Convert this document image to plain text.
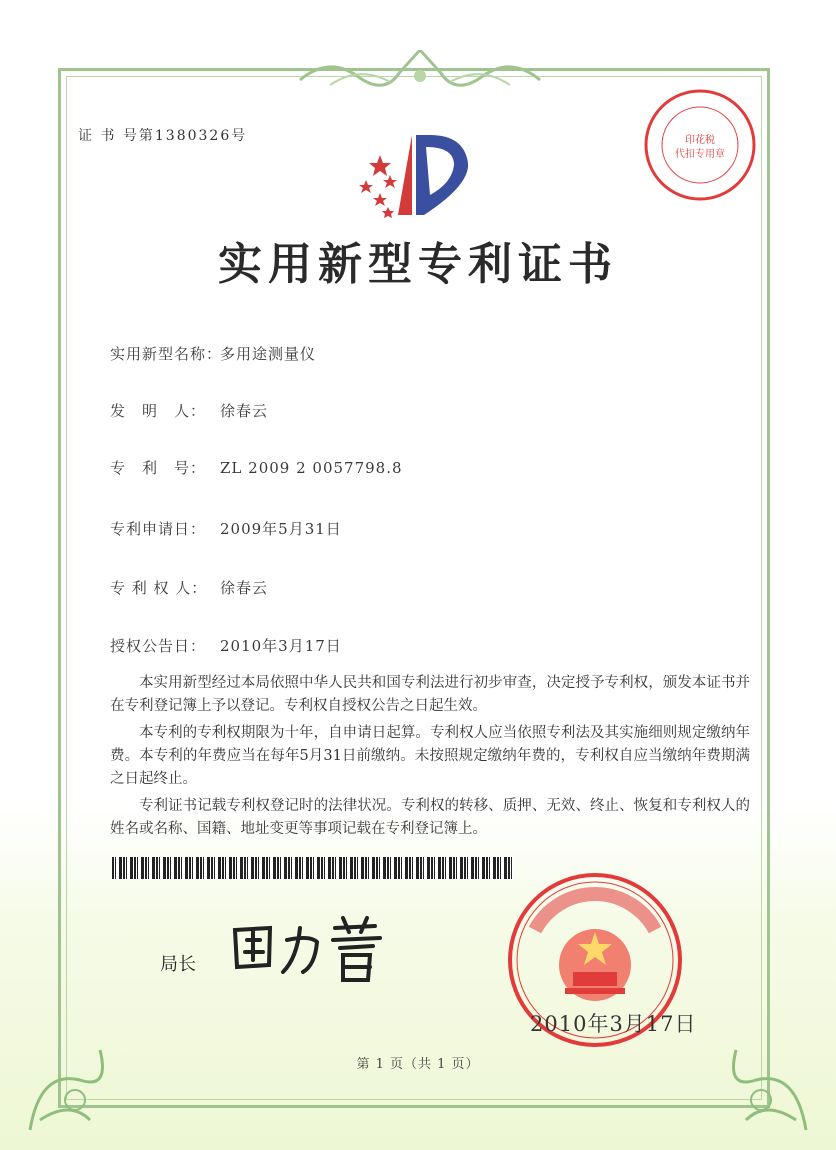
证 书 号第1380326号	印花税
代扣专用章
实用新型专利证书
实用新型名称：多用途测量仪
发　明　人： 徐春云
专　利　号： ZL 2009 2 0057798.8
专利申请日： 2009年5月31日
专 利 权 人： 徐春云
授权公告日： 2010年3月17日

本实用新型经过本局依照中华人民共和国专利法进行初步审查，决定授予专利权，颁发本证书并在专利登记簿上予以登记。专利权自授权公告之日起生效。

本专利的专利权期限为十年，自申请日起算。专利权人应当依照专利法及其实施细则规定缴纳年费。本专利的年费应当在每年5月31日前缴纳。未按照规定缴纳年费的，专利权自应当缴纳年费期满之日起终止。

专利证书记载专利权登记时的法律状况。专利权的转移、质押、无效、终止、恢复和专利权人的姓名或名称、国籍、地址变更等事项记载在专利登记簿上。

局长
2010年3月17日
第 1 页（共 1 页）
